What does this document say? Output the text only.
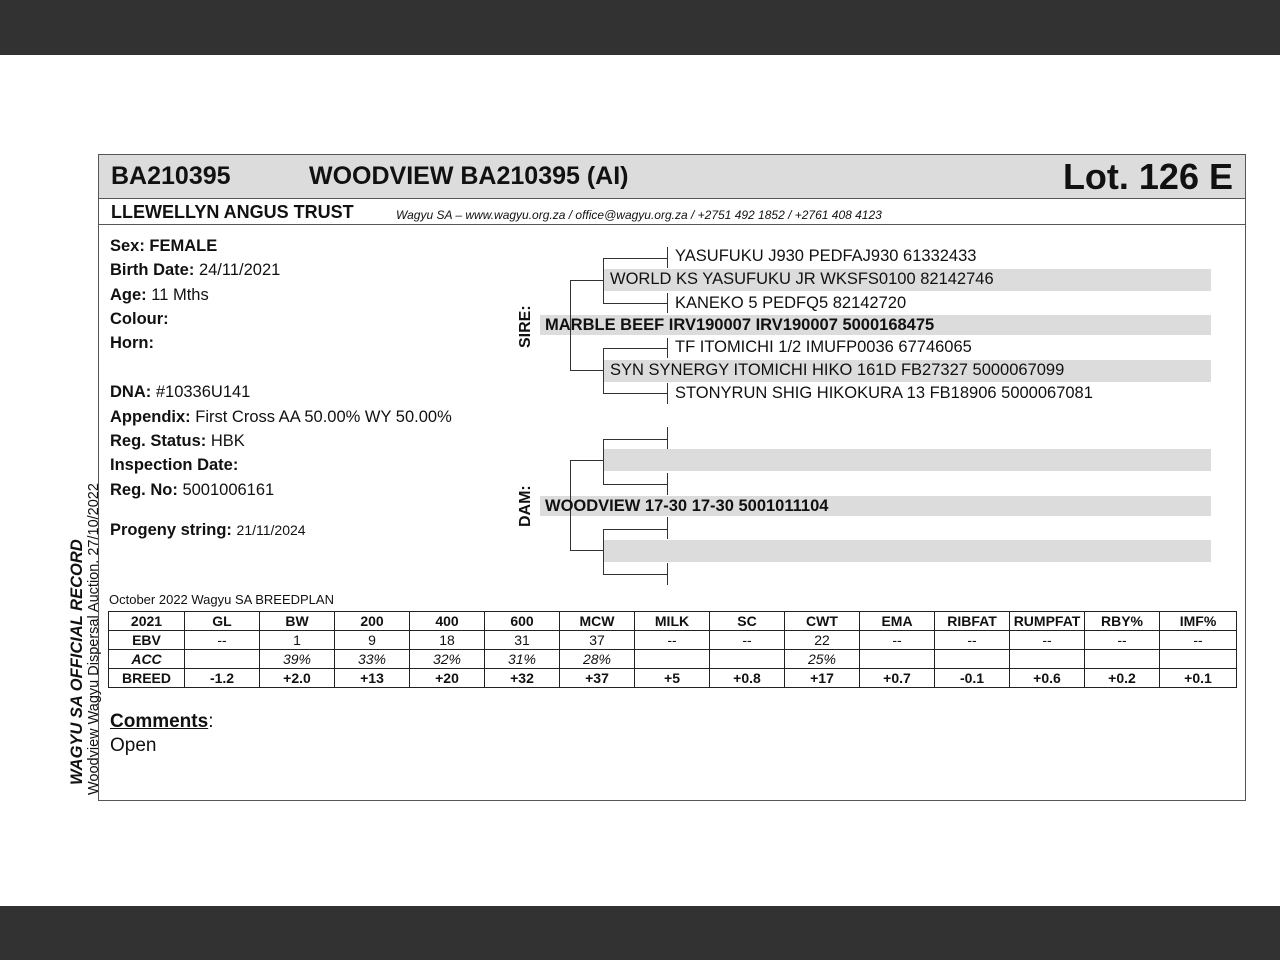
BA210395	WOODVIEW BA210395 (AI)	Lot. 126 E
LLEWELLYN ANGUS TRUST	Wagyu SA – www.wagyu.org.za / office@wagyu.org.za / +2751 492 1852 / +2761 408 4123
WAGYU SA OFFICIAL RECORD Woodview Wagyu Dispersal Auction. 27/10/2022
Sex: FEMALE
Birth Date: 24/11/2021
Age: 11 Mths
Colour:
Horn:
DNA: #10336U141
Appendix: First Cross AA 50.00% WY 50.00%
Reg. Status: HBK
Inspection Date:
Reg. No: 5001006161
Progeny string: 21/11/2024
SIRE:
DAM:
YASUFUKU J930 PEDFAJ930 61332433
WORLD KS YASUFUKU JR WKSFS0100 82142746
KANEKO 5 PEDFQ5 82142720
MARBLE BEEF IRV190007 IRV190007 5000168475
TF ITOMICHI 1/2 IMUFP0036 67746065
SYN SYNERGY ITOMICHI HIKO 161D FB27327 5000067099
STONYRUN SHIG HIKOKURA 13 FB18906 5000067081
WOODVIEW 17-30 17-30 5001011104
October 2022 Wagyu SA BREEDPLAN
2021	GL	BW	200	400	600	MCW	MILK	SC	CWT	EMA	RIBFAT	RUMPFAT	RBY%	IMF%
EBV	--	1	9	18	31	37	--	--	22	--	--	--	--	--
ACC		39%	33%	32%	31%	28%			25%					
BREED	-1.2	+2.0	+13	+20	+32	+37	+5	+0.8	+17	+0.7	-0.1	+0.6	+0.2	+0.1
Comments:
Open
